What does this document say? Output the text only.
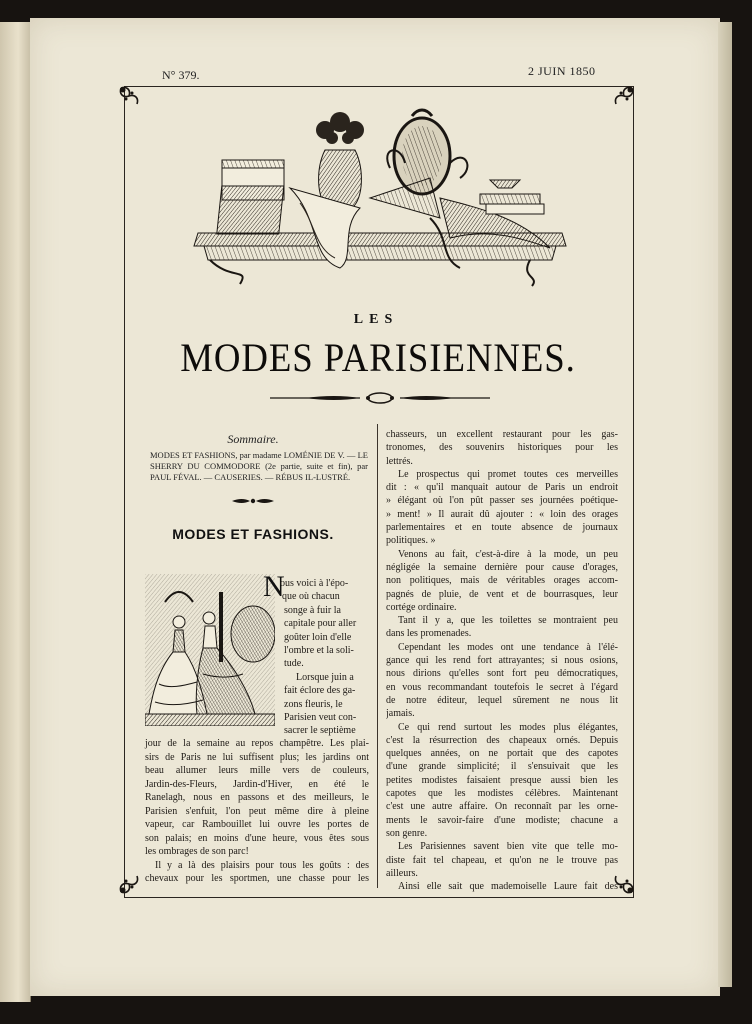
N° 379.	2 JUIN 1850
LES
MODES PARISIENNES.
Sommaire.
MODES ET FASHIONS, par madame LOMÉNIE DE V. — LE SHERRY DU COMMODORE (2e partie, suite et fin), par PAUL FÉVAL. — CAUSERIES. — RÉBUS IL-LUSTRÉ.
MODES ET FASHIONS.
N
ous voici à l'épo-
que où chacun
songe à fuir la
capitale pour aller
goûter loin d'elle
l'ombre et la soli-
tude.
Lorsque juin a
fait éclore des ga-
zons fleuris, le
Parisien veut con-
sacrer le septième
jour de la semaine au repos champêtre. Les plai-
sirs de Paris ne lui suffisent plus; les jardins ont
beau allumer leurs mille vers de couleurs,
Jardin-des-Fleurs, Jardin-d'Hiver, en été le
Ranelagh, nous en passons et des meilleurs, le
Parisien s'enfuit, l'on peut même dire à pleine
vapeur, car Rambouillet lui ouvre les portes de
son palais; en moins d'une heure, vous êtes sous
les ombrages de son parc!
Il y a là des plaisirs pour tous les goûts : des
chevaux pour les sportmen, une chasse pour les
chasseurs, un excellent restaurant pour les gas-
tronomes, des souvenirs historiques pour les
lettrés.
Le prospectus qui promet toutes ces merveilles
dit : « qu'il manquait autour de Paris un endroit
» élégant où l'on pût passer ses journées poétique-
» ment! » Il aurait dû ajouter : « loin des orages
parlementaires et en toute absence de journaux
politiques. »
Venons au fait, c'est-à-dire à la mode, un peu
négligée la semaine dernière pour cause d'orages,
non politiques, mais de véritables orages accom-
pagnés de pluie, de vent et de bourrasques, leur
cortége ordinaire.
Tant il y a, que les toilettes se montraient peu
dans les promenades.
Cependant les modes ont une tendance à l'élé-
gance qui les rend fort attrayantes; si nous osions,
nous dirions qu'elles sont fort peu démocratiques,
en vous recommandant toutefois le secret à l'égard
de notre éditeur, lequel sûrement ne nous lit
jamais.
Ce qui rend surtout les modes plus élégantes,
c'est la résurrection des chapeaux ornés. Depuis
quelques années, on ne portait que des capotes
d'une grande simplicité; il s'ensuivait que les
petites modistes faisaient presque aussi bien les
capotes que les modistes célèbres. Maintenant
c'est une autre affaire. On reconnaît par les orne-
ments le savoir-faire d'une modiste; chacune a
son genre.
Les Parisiennes savent bien vite que telle mo-
diste fait tel chapeau, et qu'on ne le trouve pas
ailleurs.
Ainsi elle sait que mademoiselle Laure fait des
